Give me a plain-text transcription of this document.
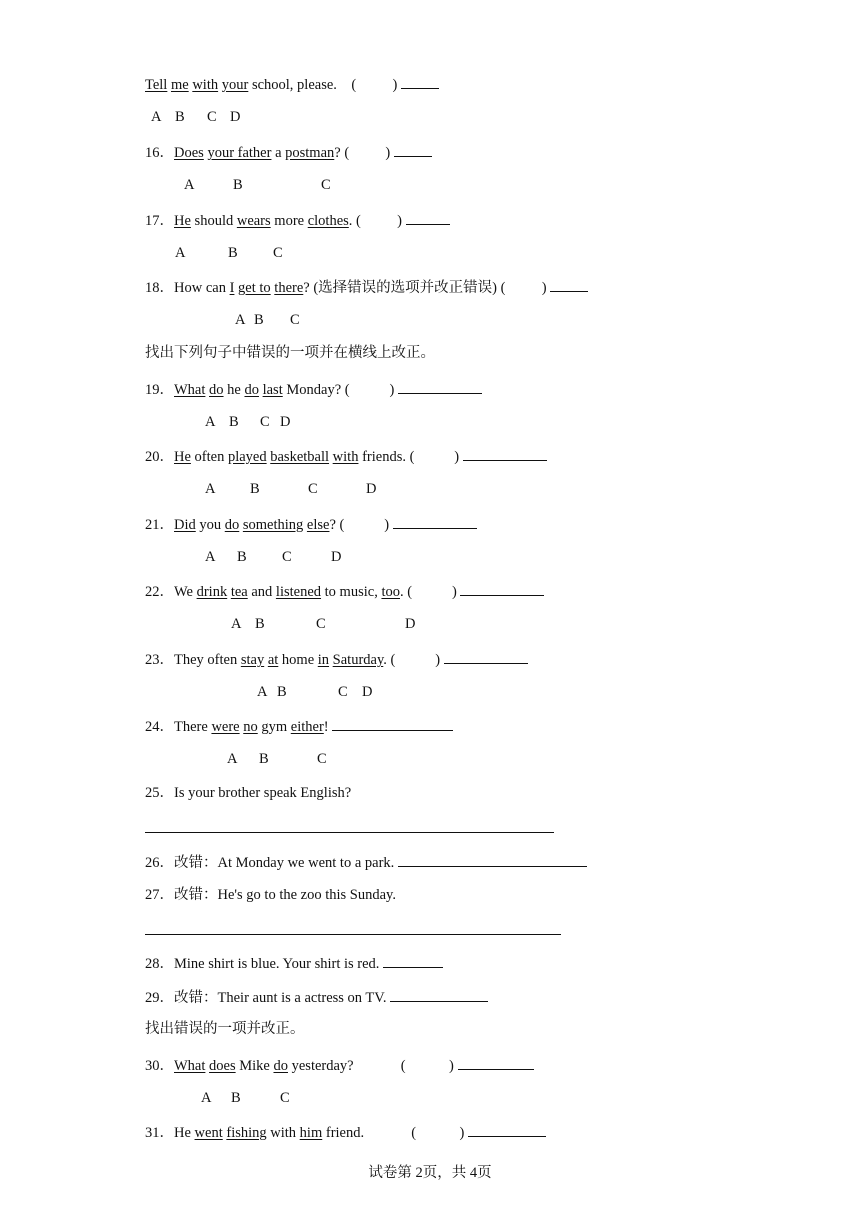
Tell me with your school, please.    (          )
A B C D
16．Does your father a postman? (          )
A	B	C
17．He should wears more clothes. (          )
A	B C
18．How can I get to there? (选择错误的选项并改正错误) (          )
A B C
找出下列句子中错误的一项并在横线上改正。
19．What do he do last Monday? (           )
A B C D
20．He often played basketball with friends. (           )
A B	C	D
21．Did you do something else? (           )
A B C	D
22．We drink tea and listened to music, too. (           )
A B	C	D
23．They often stay at home in Saturday. (           )
A B	C D
24．There were no gym either!
A B	C
25．Is your brother speak English?
26．改错：At Monday we went to a park.
27．改错：He's go to the zoo this Sunday.
28．Mine shirt is blue. Your shirt is red.
29．改错：Their aunt is a actress on TV.
找出错误的一项并改正。
30．What does Mike do yesterday?             (            )
A B	C
31．He went fishing with him friend.             (            )
试卷第 2页，共 4页
